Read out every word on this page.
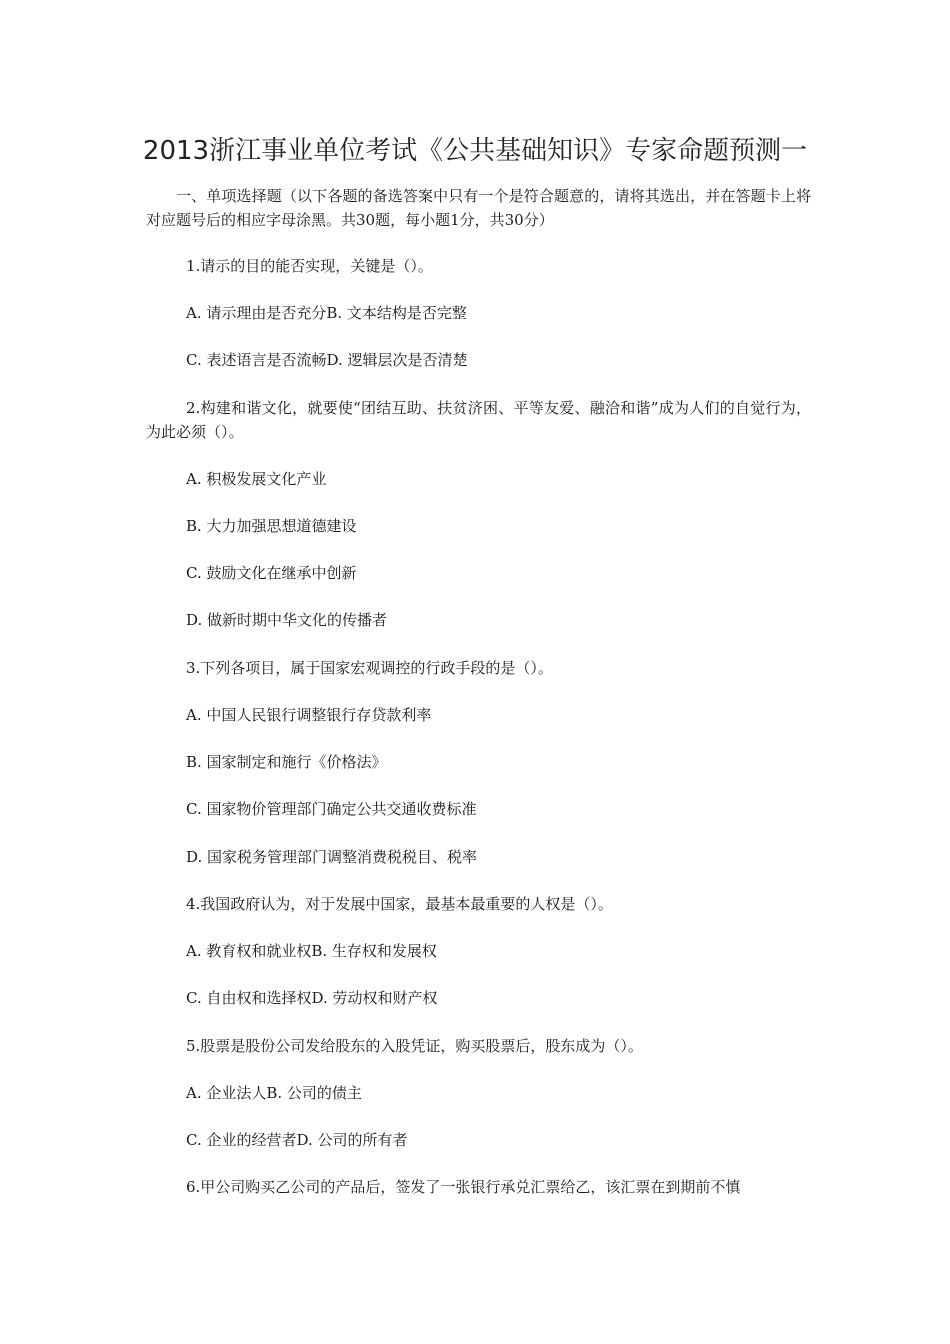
2013浙江事业单位考试《公共基础知识》专家命题预测一
一、单项选择题（以下各题的备选答案中只有一个是符合题意的，请将其选出，并在答题卡上将对应题号后的相应字母涂黑。共30题，每小题1分，共30分）
1.请示的目的能否实现，关键是（）。
A. 请示理由是否充分B. 文本结构是否完整
C. 表述语言是否流畅D. 逻辑层次是否清楚
2.构建和谐文化，就要使“团结互助、扶贫济困、平等友爱、融洽和谐”成为人们的自觉行为，为此必须（）。
A. 积极发展文化产业
B. 大力加强思想道德建设
C. 鼓励文化在继承中创新
D. 做新时期中华文化的传播者
3.下列各项目，属于国家宏观调控的行政手段的是（）。
A. 中国人民银行调整银行存贷款利率
B. 国家制定和施行《价格法》
C. 国家物价管理部门确定公共交通收费标准
D. 国家税务管理部门调整消费税税目、税率
4.我国政府认为，对于发展中国家，最基本最重要的人权是（）。
A. 教育权和就业权B. 生存权和发展权
C. 自由权和选择权D. 劳动权和财产权
5.股票是股份公司发给股东的入股凭证，购买股票后，股东成为（）。
A. 企业法人B. 公司的债主
C. 企业的经营者D. 公司的所有者
6.甲公司购买乙公司的产品后，签发了一张银行承兑汇票给乙，该汇票在到期前不慎
